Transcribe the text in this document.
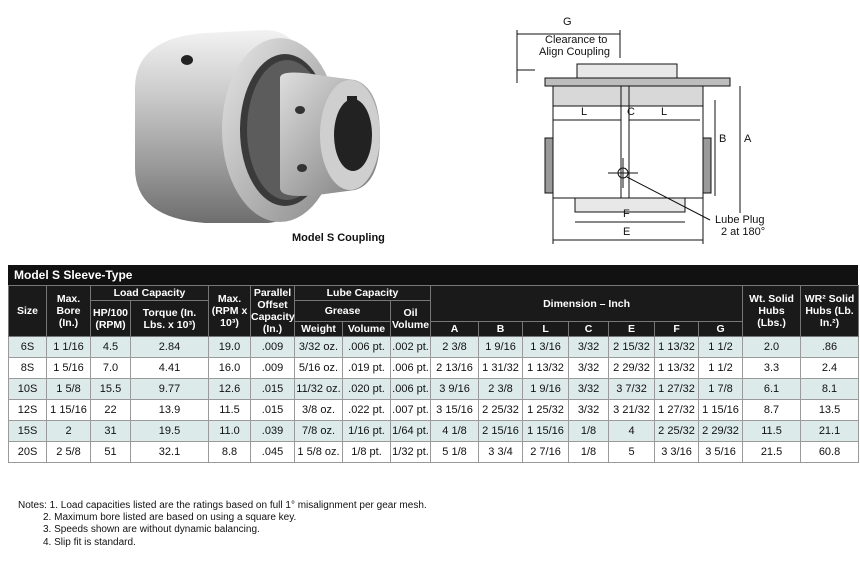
Model S Coupling
G
Clearance to
Align Coupling
L	C L
B A
F
E
Lube Plug
2 at 180°
Model S Sleeve-Type
Size	Max. Bore (In.)	Load Capacity		Max. (RPM x 10³)	Parallel Offset Capacity (In.)	Lube Capacity			Dimension – Inch							Wt. Solid Hubs (Lbs.)	WR² Solid Hubs (Lb. In.²)
		HP/100 (RPM)	Torque (In. Lbs. x 10³)			Grease		Oil Volume									
						Weight	Volume		A	B	L	C	E	F	G		
6S	1 1/16	4.5	2.84	19.0	.009	3/32 oz.	.006 pt.	.002 pt.	2 3/8	1 9/16	1 3/16	3/32	2 15/32	1 13/32	1 1/2	2.0	.86
8S	1 5/16	7.0	4.41	16.0	.009	5/16 oz.	.019 pt.	.006 pt.	2 13/16	1 31/32	1 13/32	3/32	2 29/32	1 13/32	1 1/2	3.3	2.4
10S	1 5/8	15.5	9.77	12.6	.015	11/32 oz.	.020 pt.	.006 pt.	3 9/16	2 3/8	1 9/16	3/32	3 7/32	1 27/32	1 7/8	6.1	8.1
12S	1 15/16	22	13.9	11.5	.015	3/8 oz.	.022 pt.	.007 pt.	3 15/16	2 25/32	1 25/32	3/32	3 21/32	1 27/32	1 15/16	8.7	13.5
15S	2	31	19.5	11.0	.039	7/8 oz.	1/16 pt.	1/64 pt.	4 1/8	2 15/16	1 15/16	1/8	4	2 25/32	2 29/32	11.5	21.1
20S	2 5/8	51	32.1	8.8	.045	1 5/8 oz.	1/8 pt.	1/32 pt.	5 1/8	3 3/4	2 7/16	1/8	5	3 3/16	3 5/16	21.5	60.8
Notes: 1. Load capacities listed are the ratings based on full 1° misalignment per gear mesh.
2. Maximum bore listed are based on using a square key.
3. Speeds shown are without dynamic balancing.
4. Slip fit is standard.
